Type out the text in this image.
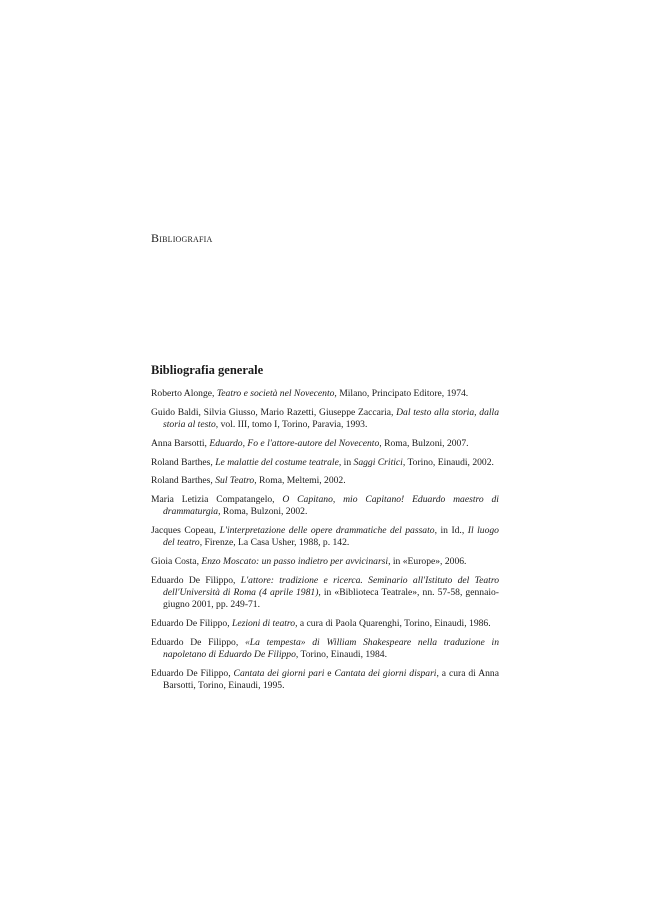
Bibliografia
Bibliografia generale
Roberto Alonge, Teatro e società nel Novecento, Milano, Principato Editore, 1974.
Guido Baldi, Silvia Giusso, Mario Razetti, Giuseppe Zaccaria, Dal testo alla storia, dalla storia al testo, vol. III, tomo I, Torino, Paravia, 1993.
Anna Barsotti, Eduardo, Fo e l'attore-autore del Novecento, Roma, Bulzoni, 2007.
Roland Barthes, Le malattie del costume teatrale, in Saggi Critici, Torino, Einaudi, 2002.
Roland Barthes, Sul Teatro, Roma, Meltemi, 2002.
Maria Letizia Compatangelo, O Capitano, mio Capitano! Eduardo maestro di drammaturgia, Roma, Bulzoni, 2002.
Jacques Copeau, L'interpretazione delle opere drammatiche del passato, in Id., Il luogo del teatro, Firenze, La Casa Usher, 1988, p. 142.
Gioia Costa, Enzo Moscato: un passo indietro per avvicinarsi, in «Europe», 2006.
Eduardo De Filippo, L'attore: tradizione e ricerca. Seminario all'Istituto del Teatro dell'Università di Roma (4 aprile 1981), in «Biblioteca Teatrale», nn. 57-58, gennaio-giugno 2001, pp. 249-71.
Eduardo De Filippo, Lezioni di teatro, a cura di Paola Quarenghi, Torino, Einaudi, 1986.
Eduardo De Filippo, «La tempesta» di William Shakespeare nella traduzione in napoletano di Eduardo De Filippo, Torino, Einaudi, 1984.
Eduardo De Filippo, Cantata dei giorni pari e Cantata dei giorni dispari, a cura di Anna Barsotti, Torino, Einaudi, 1995.
